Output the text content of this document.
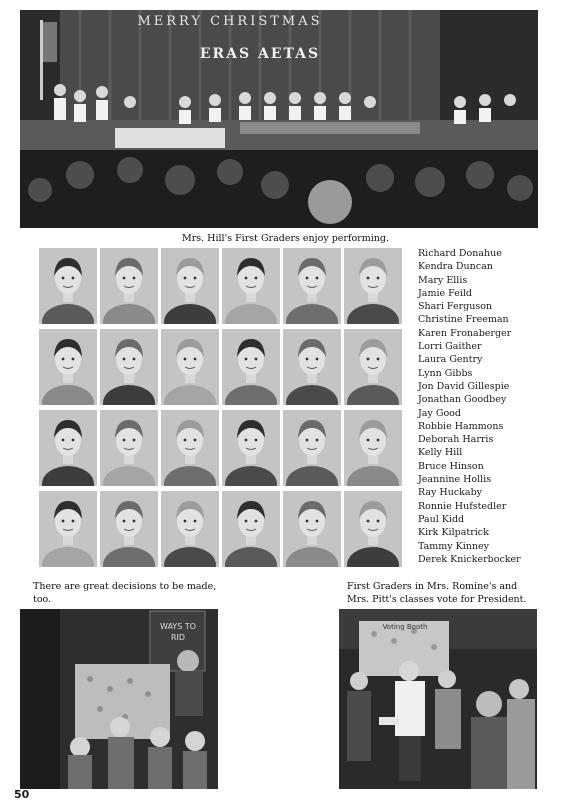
MERRY CHRISTMAS
ERAS AETAS
Mrs. Hill's First Graders enjoy performing.
Richard Donahue
Kendra Duncan
Mary Ellis
Jamie Feild
Shari Ferguson
Christine Freeman
Karen Fronaberger
Lorri Gaither
Laura Gentry
Lynn Gibbs
Jon David Gillespie
Jonathan Goodbey
Jay Good
Robbie Hammons
Deborah Harris
Kelly Hill
Bruce Hinson
Jeannine Hollis
Ray Huckaby
Ronnie Hufstedler
Paul Kidd
Kirk Kilpatrick
Tammy Kinney
Derek Knickerbocker
There are great decisions to be made, too.
WAYS TO RID
First Graders in Mrs. Romine's and Mrs. Pitt's classes vote for President.
Voting Booth
50
